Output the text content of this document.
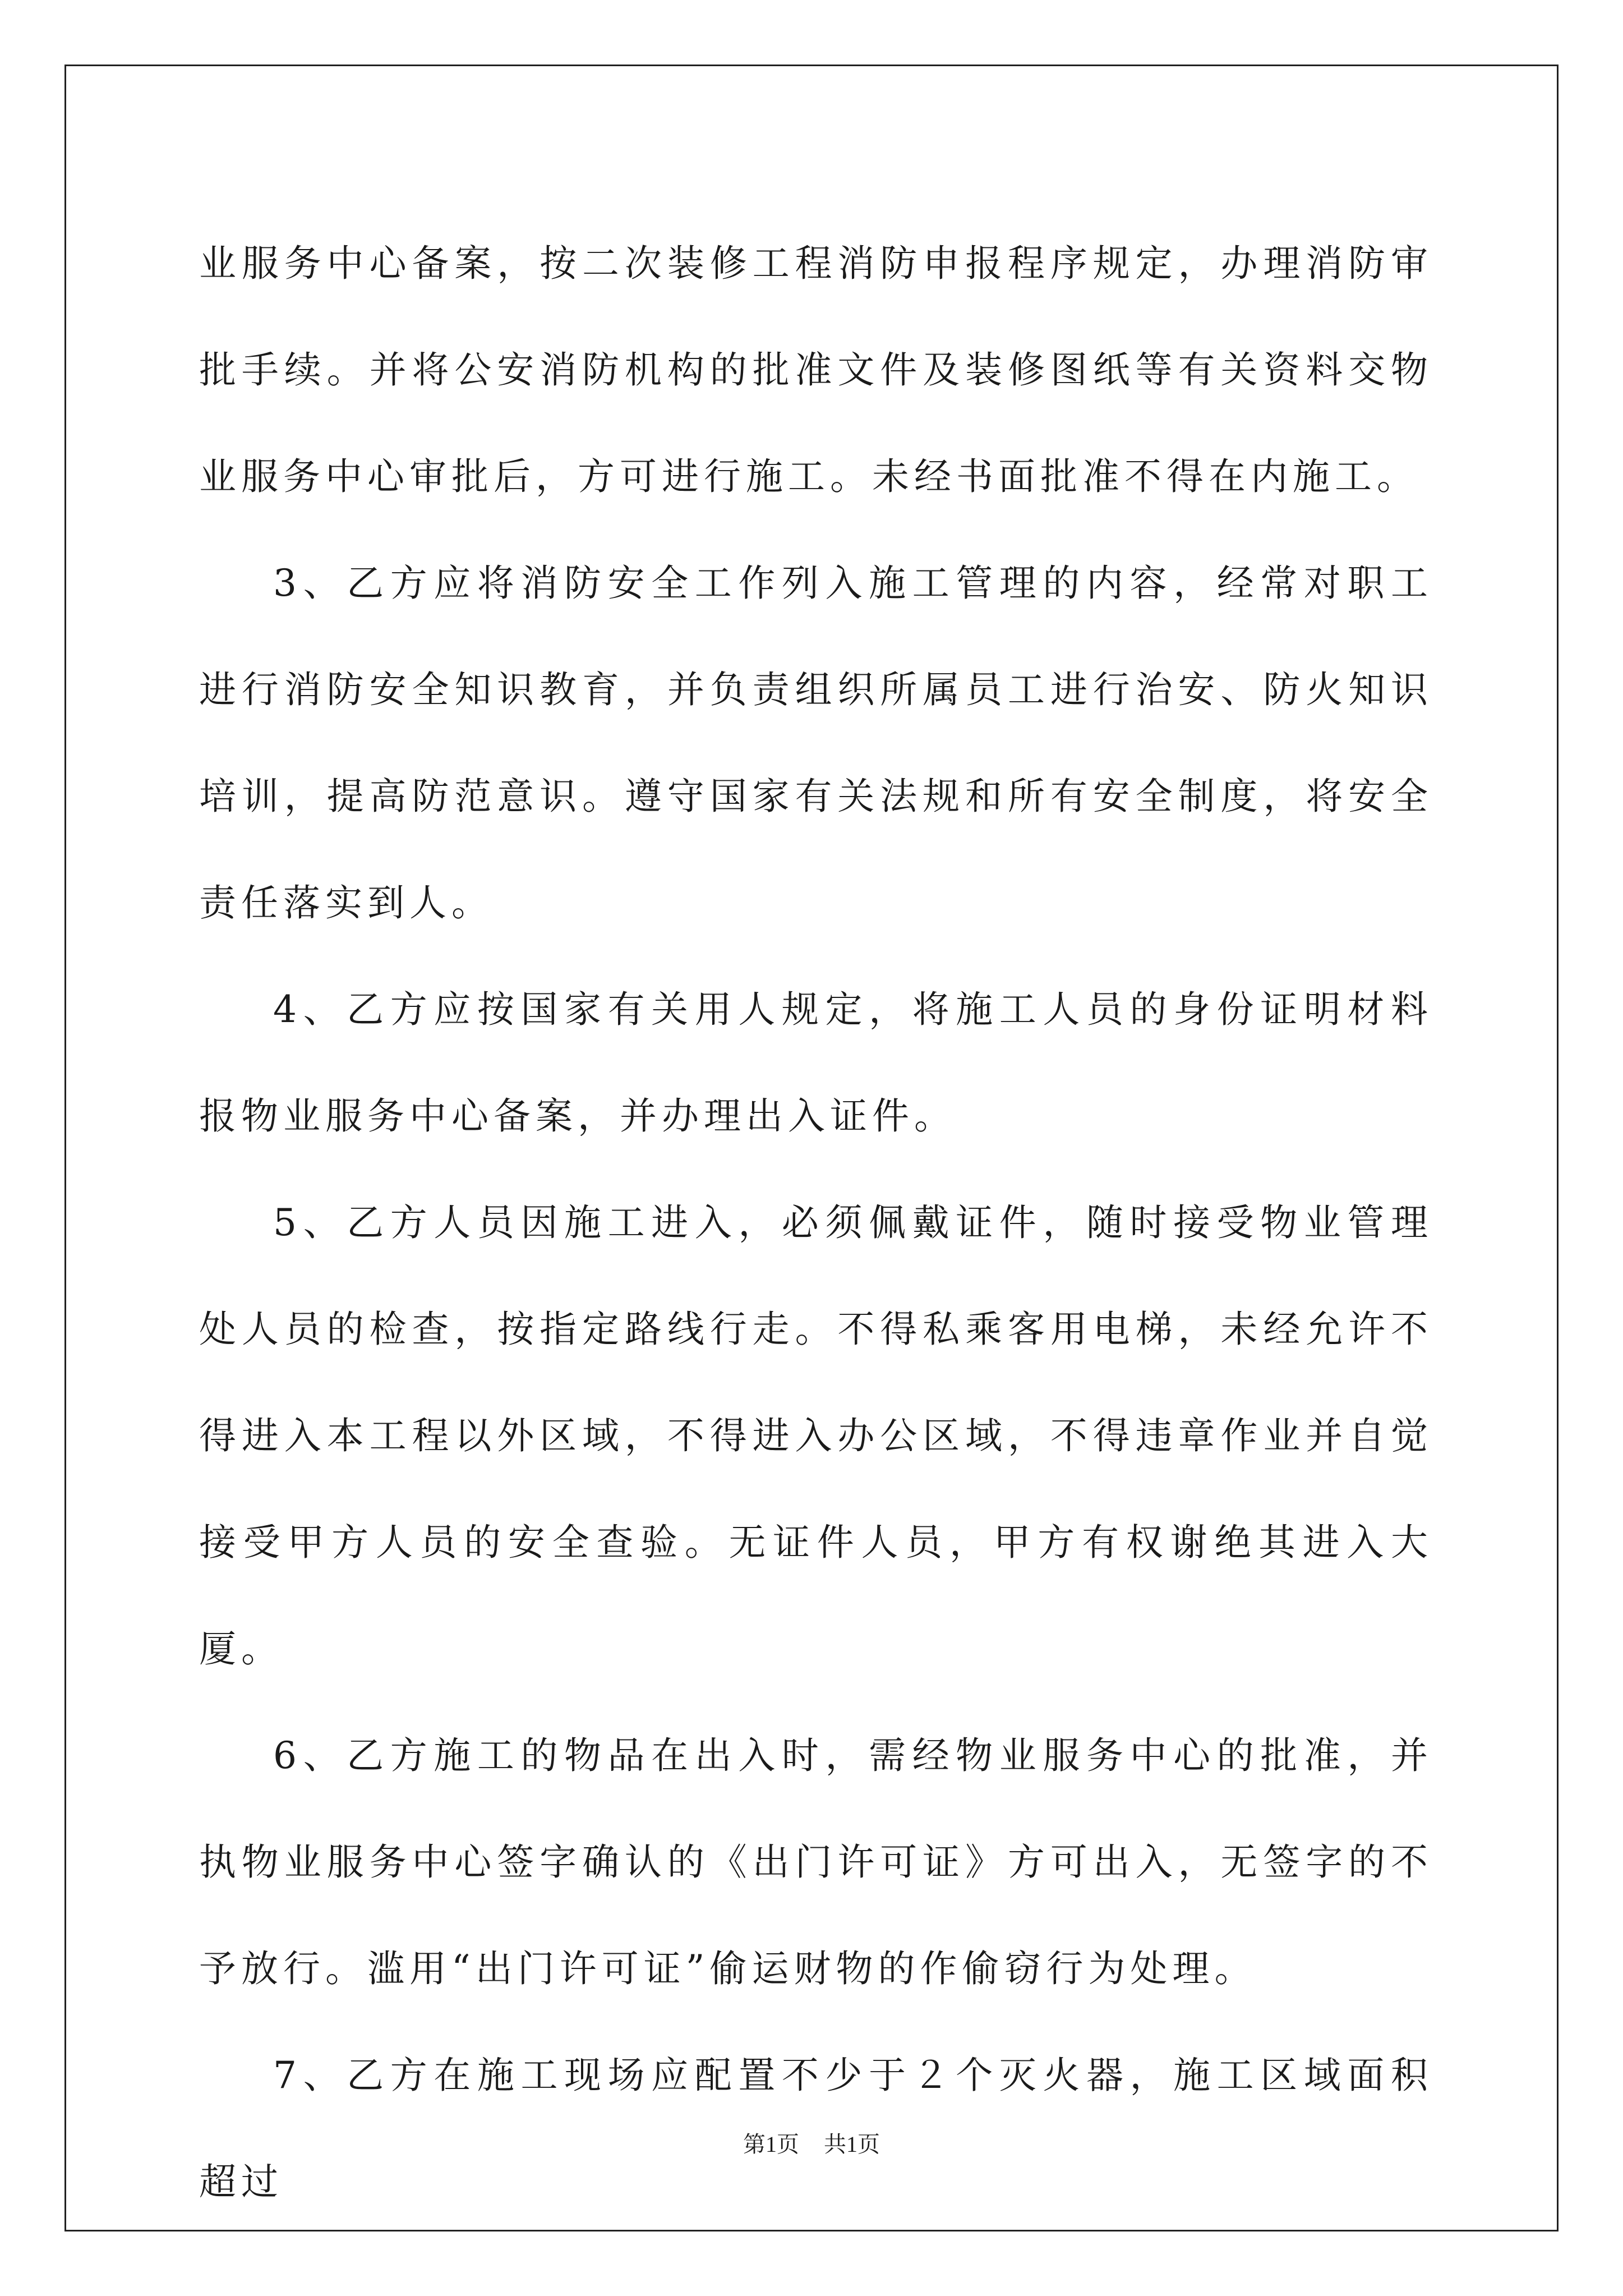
业服务中心备案，按二次装修工程消防申报程序规定，办理消防审批手续。并将公安消防机构的批准文件及装修图纸等有关资料交物业服务中心审批后，方可进行施工。未经书面批准不得在内施工。

3、乙方应将消防安全工作列入施工管理的内容，经常对职工进行消防安全知识教育，并负责组织所属员工进行治安、防火知识培训，提高防范意识。遵守国家有关法规和所有安全制度，将安全责任落实到人。

4、乙方应按国家有关用人规定，将施工人员的身份证明材料报物业服务中心备案，并办理出入证件。

5、乙方人员因施工进入，必须佩戴证件，随时接受物业管理处人员的检查，按指定路线行走。不得私乘客用电梯，未经允许不得进入本工程以外区域，不得进入办公区域，不得违章作业并自觉接受甲方人员的安全查验。无证件人员，甲方有权谢绝其进入大厦。

6、乙方施工的物品在出入时，需经物业服务中心的批准，并执物业服务中心签字确认的《出门许可证》方可出入，无签字的不予放行。滥用“出门许可证”偷运财物的作偷窃行为处理。

7、乙方在施工现场应配置不少于２个灭火器，施工区域面积超过

第1页 共1页
